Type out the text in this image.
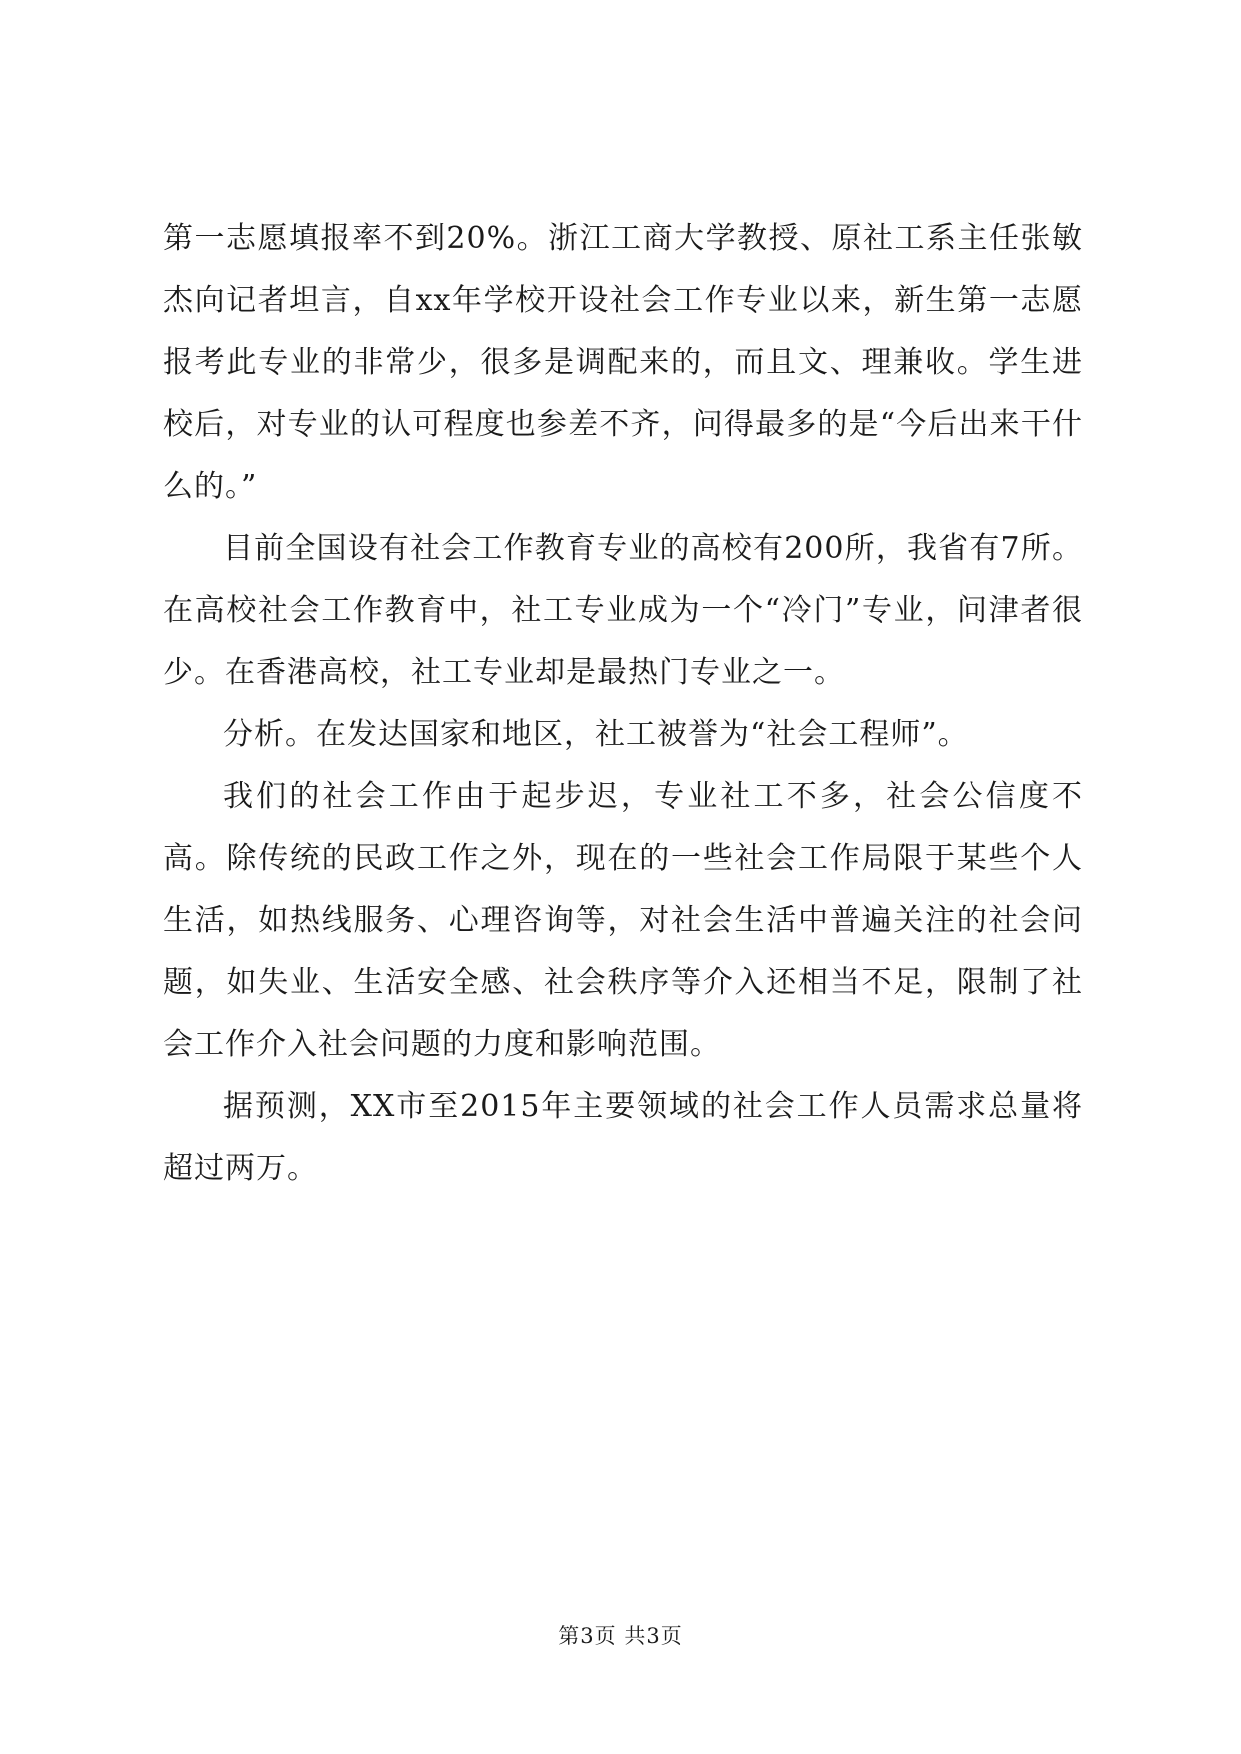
第一志愿填报率不到20%。浙江工商大学教授、原社工系主任张敏杰向记者坦言，自xx年学校开设社会工作专业以来，新生第一志愿报考此专业的非常少，很多是调配来的，而且文、理兼收。学生进校后，对专业的认可程度也参差不齐，问得最多的是“今后出来干什么的。”

目前全国设有社会工作教育专业的高校有200所，我省有7所。在高校社会工作教育中，社工专业成为一个“冷门”专业，问津者很少。在香港高校，社工专业却是最热门专业之一。

分析。在发达国家和地区，社工被誉为“社会工程师”。

我们的社会工作由于起步迟，专业社工不多，社会公信度不高。除传统的民政工作之外，现在的一些社会工作局限于某些个人生活，如热线服务、心理咨询等，对社会生活中普遍关注的社会问题，如失业、生活安全感、社会秩序等介入还相当不足，限制了社会工作介入社会问题的力度和影响范围。

据预测，XX市至2015年主要领域的社会工作人员需求总量将超过两万。

第3页 共3页
